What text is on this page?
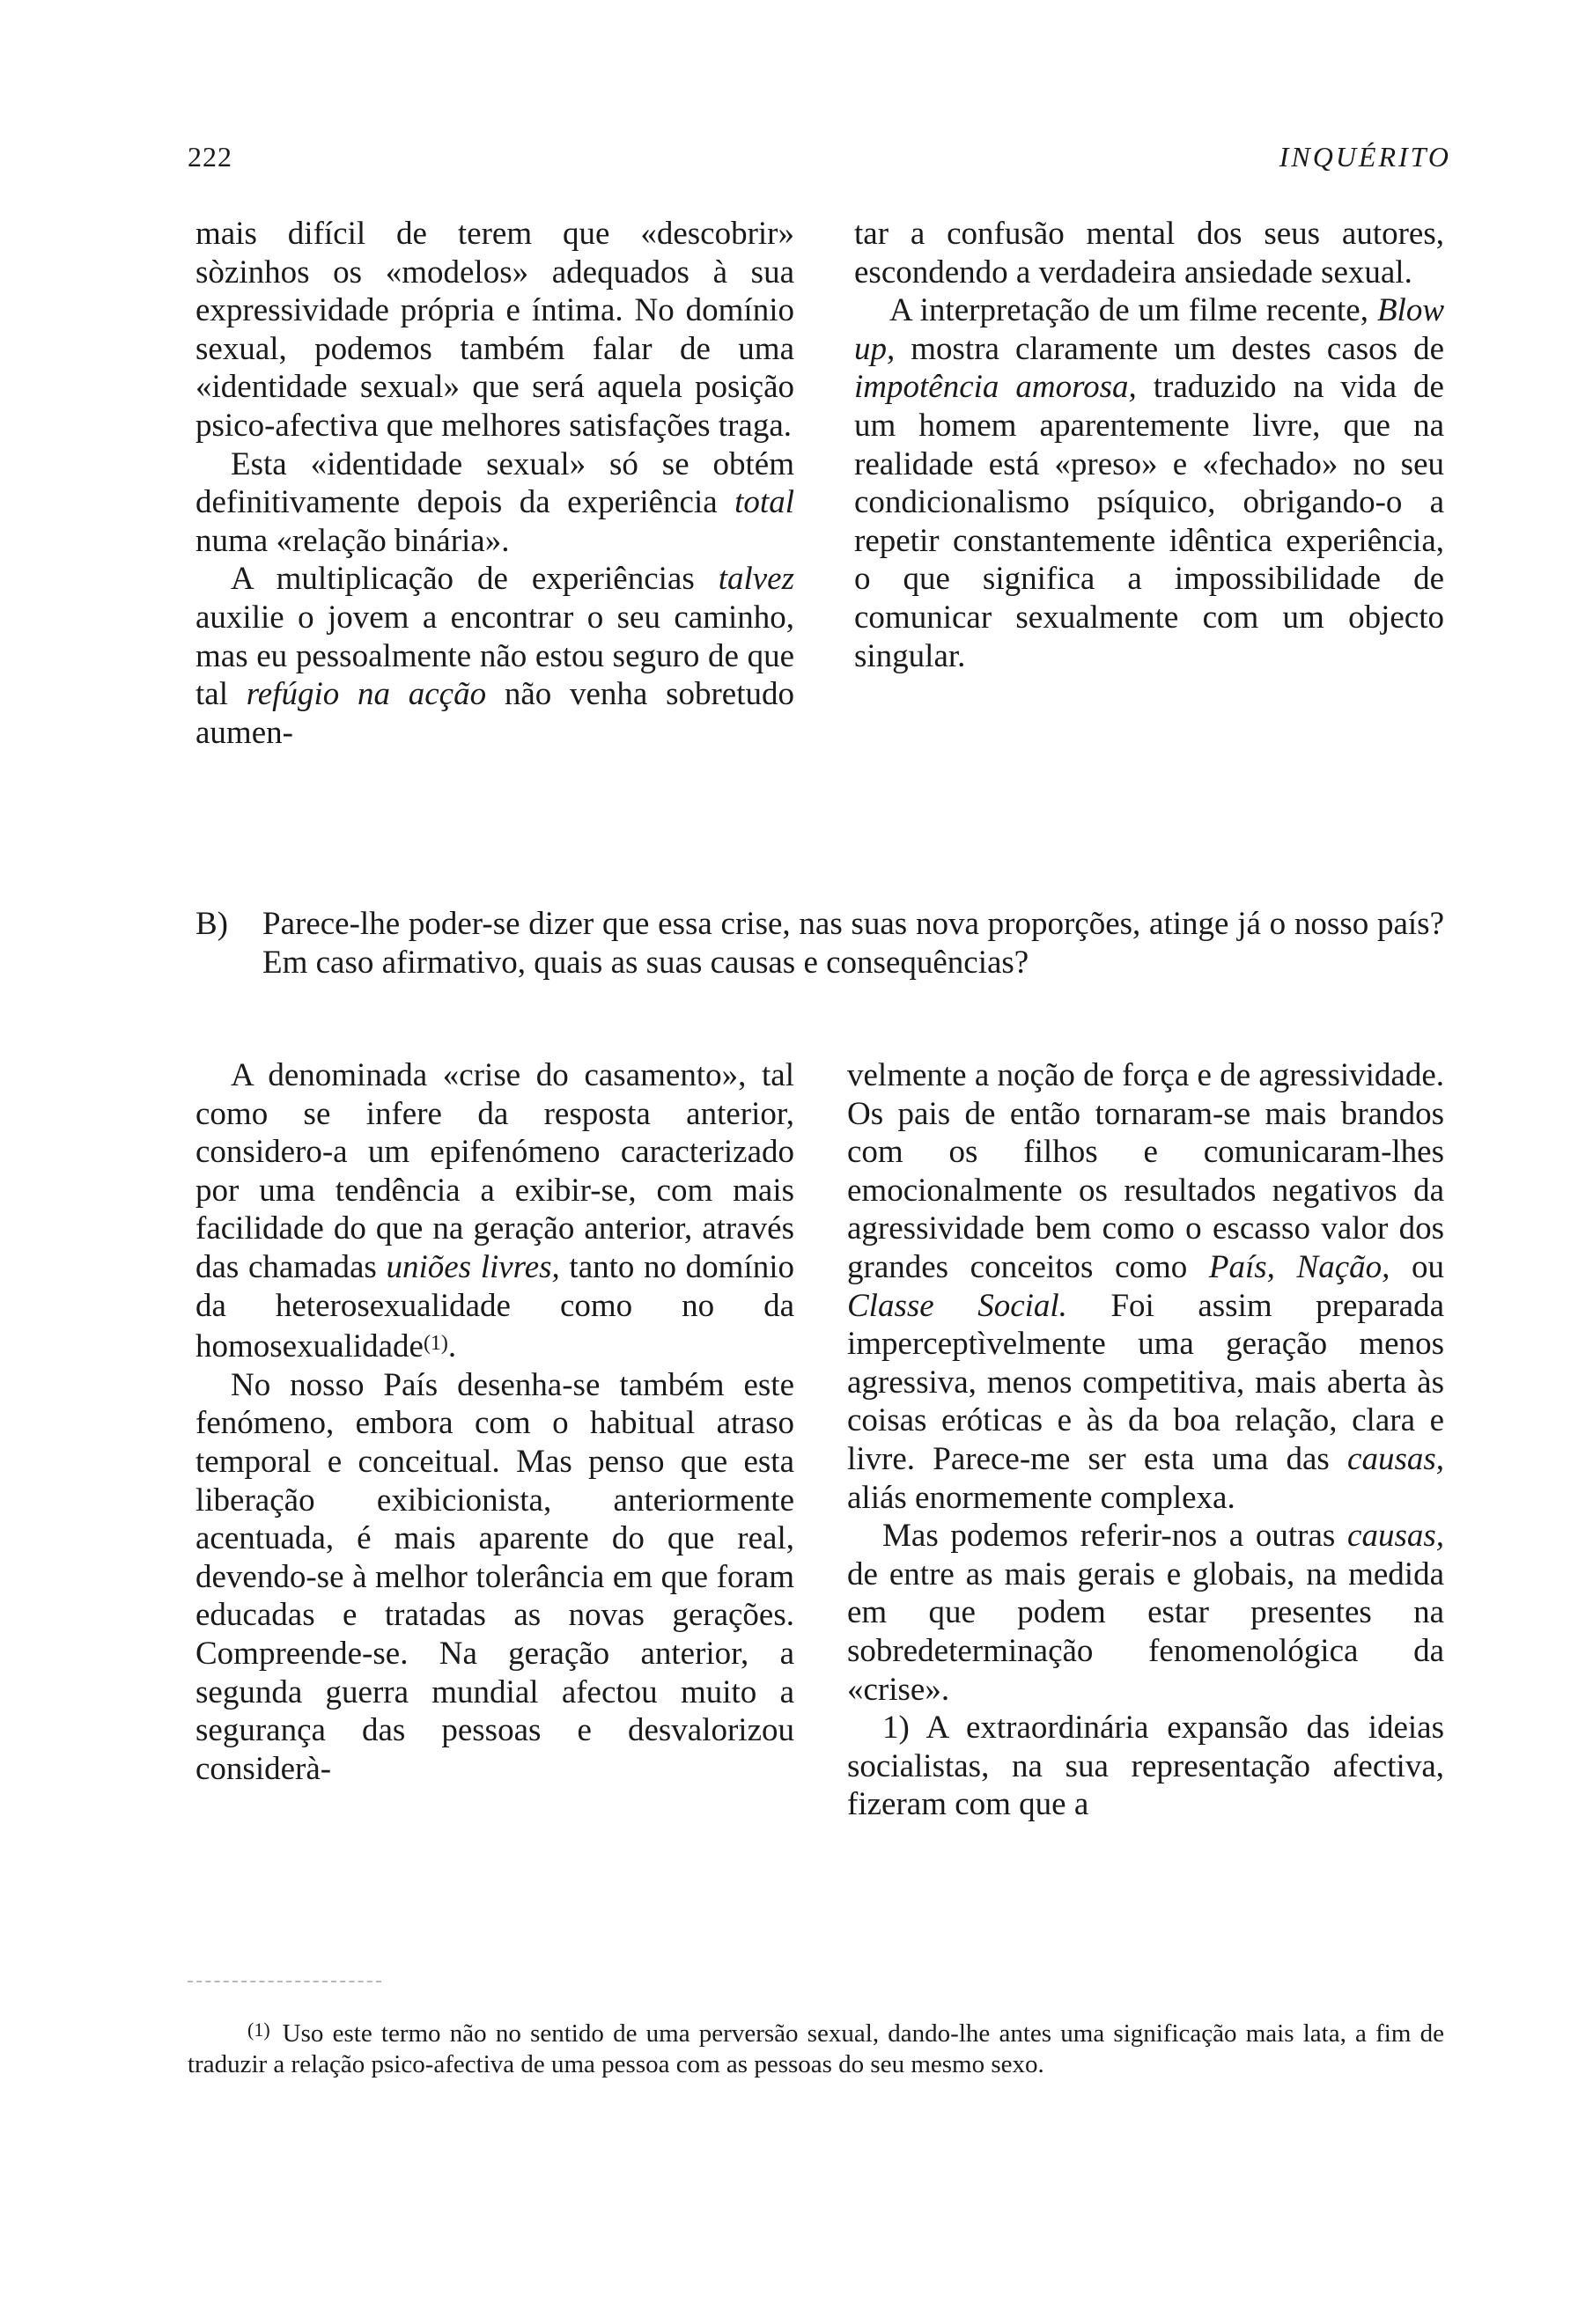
222	INQUÉRITO

mais difícil de terem que «descobrir» sòzinhos os «modelos» adequados à sua expressividade própria e íntima. No domínio sexual, podemos também falar de uma «identidade sexual» que será aquela posição psico-afectiva que melhores satisfações traga.

Esta «identidade sexual» só se obtém definitivamente depois da experiência total numa «relação binária».

A multiplicação de experiências talvez auxilie o jovem a encontrar o seu caminho, mas eu pessoalmente não estou seguro de que tal refúgio na acção não venha sobretudo aumen-

tar a confusão mental dos seus autores, escondendo a verdadeira ansiedade sexual.

A interpretação de um filme recente, Blow up, mostra claramente um destes casos de impotência amorosa, traduzido na vida de um homem aparentemente livre, que na realidade está «preso» e «fechado» no seu condicionalismo psíquico, obrigando-o a repetir constantemente idêntica experiência, o que significa a impossibilidade de comunicar sexualmente com um objecto singular.

B) Parece-lhe poder-se dizer que essa crise, nas suas nova proporções, atinge já o nosso país? Em caso afirmativo, quais as suas causas e consequências?

A denominada «crise do casamento», tal como se infere da resposta anterior, considero-a um epifenómeno caracterizado por uma tendência a exibir-se, com mais facilidade do que na geração anterior, através das chamadas uniões livres, tanto no domínio da heterosexualidade como no da homosexualidade$^{(1)}$.

No nosso País desenha-se também este fenómeno, embora com o habitual atraso temporal e conceitual. Mas penso que esta liberação exibicionista, anteriormente acentuada, é mais aparente do que real, devendo-se à melhor tolerância em que foram educadas e tratadas as novas gerações. Compreende-se. Na geração anterior, a segunda guerra mundial afectou muito a segurança das pessoas e desvalorizou considerà-

velmente a noção de força e de agressividade. Os pais de então tornaram-se mais brandos com os filhos e comunicaram-lhes emocionalmente os resultados negativos da agressividade bem como o escasso valor dos grandes conceitos como País, Nação, ou Classe Social. Foi assim preparada imperceptìvelmente uma geração menos agressiva, menos competitiva, mais aberta às coisas eróticas e às da boa relação, clara e livre. Parece-me ser esta uma das causas, aliás enormemente complexa.

Mas podemos referir-nos a outras causas, de entre as mais gerais e globais, na medida em que podem estar presentes na sobredeterminação fenomenológica da «crise».

1) A extraordinária expansão das ideias socialistas, na sua representação afectiva, fizeram com que a

$^{(1)}$ Uso este termo não no sentido de uma perversão sexual, dando-lhe antes uma significação mais lata, a fim de traduzir a relação psico-afectiva de uma pessoa com as pessoas do seu mesmo sexo.
